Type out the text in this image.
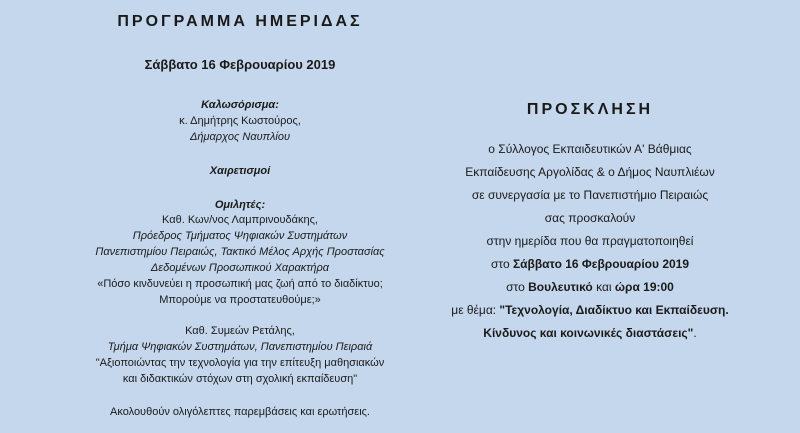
ΠΡΟΓΡΑΜΜΑ ΗΜΕΡΙΔΑΣ
Σάββατο 16 Φεβρουαρίου 2019
Καλωσόρισμα:
κ. Δημήτρης Κωστούρος,
Δήμαρχος Ναυπλίου
Χαιρετισμοί
Ομιλητές:
Καθ. Κων/νος Λαμπρινουδάκης,
Πρόεδρος Τμήματος Ψηφιακών Συστημάτων
Πανεπιστημίου Πειραιώς, Τακτικό Μέλος Αρχής Προστασίας
Δεδομένων Προσωπικού Χαρακτήρα
«Πόσο κινδυνεύει η προσωπική μας ζωή από το διαδίκτυο;
Μπορούμε να προστατευθούμε;»
Καθ. Συμεών Ρετάλης,
Τμήμα Ψηφιακών Συστημάτων, Πανεπιστημίου Πειραιά
"Αξιοποιώντας την τεχνολογία για την επίτευξη μαθησιακών
και διδακτικών στόχων στη σχολική εκπαίδευση"
Ακολουθούν ολιγόλεπτες παρεμβάσεις και ερωτήσεις.
ΠΡΟΣΚΛΗΣΗ
ο Σύλλογος Εκπαιδευτικών Α' Βάθμιας
Εκπαίδευσης Αργολίδας & ο Δήμος Ναυπλιέων
σε συνεργασία με το Πανεπιστήμιο Πειραιώς
σας προσκαλούν
στην ημερίδα που θα πραγματοποιηθεί
στο Σάββατο 16 Φεβρουαρίου 2019
στο Βουλευτικό και ώρα 19:00
με θέμα: "Τεχνολογία, Διαδίκτυο και Εκπαίδευση.
Κίνδυνος και κοινωνικές διαστάσεις".
